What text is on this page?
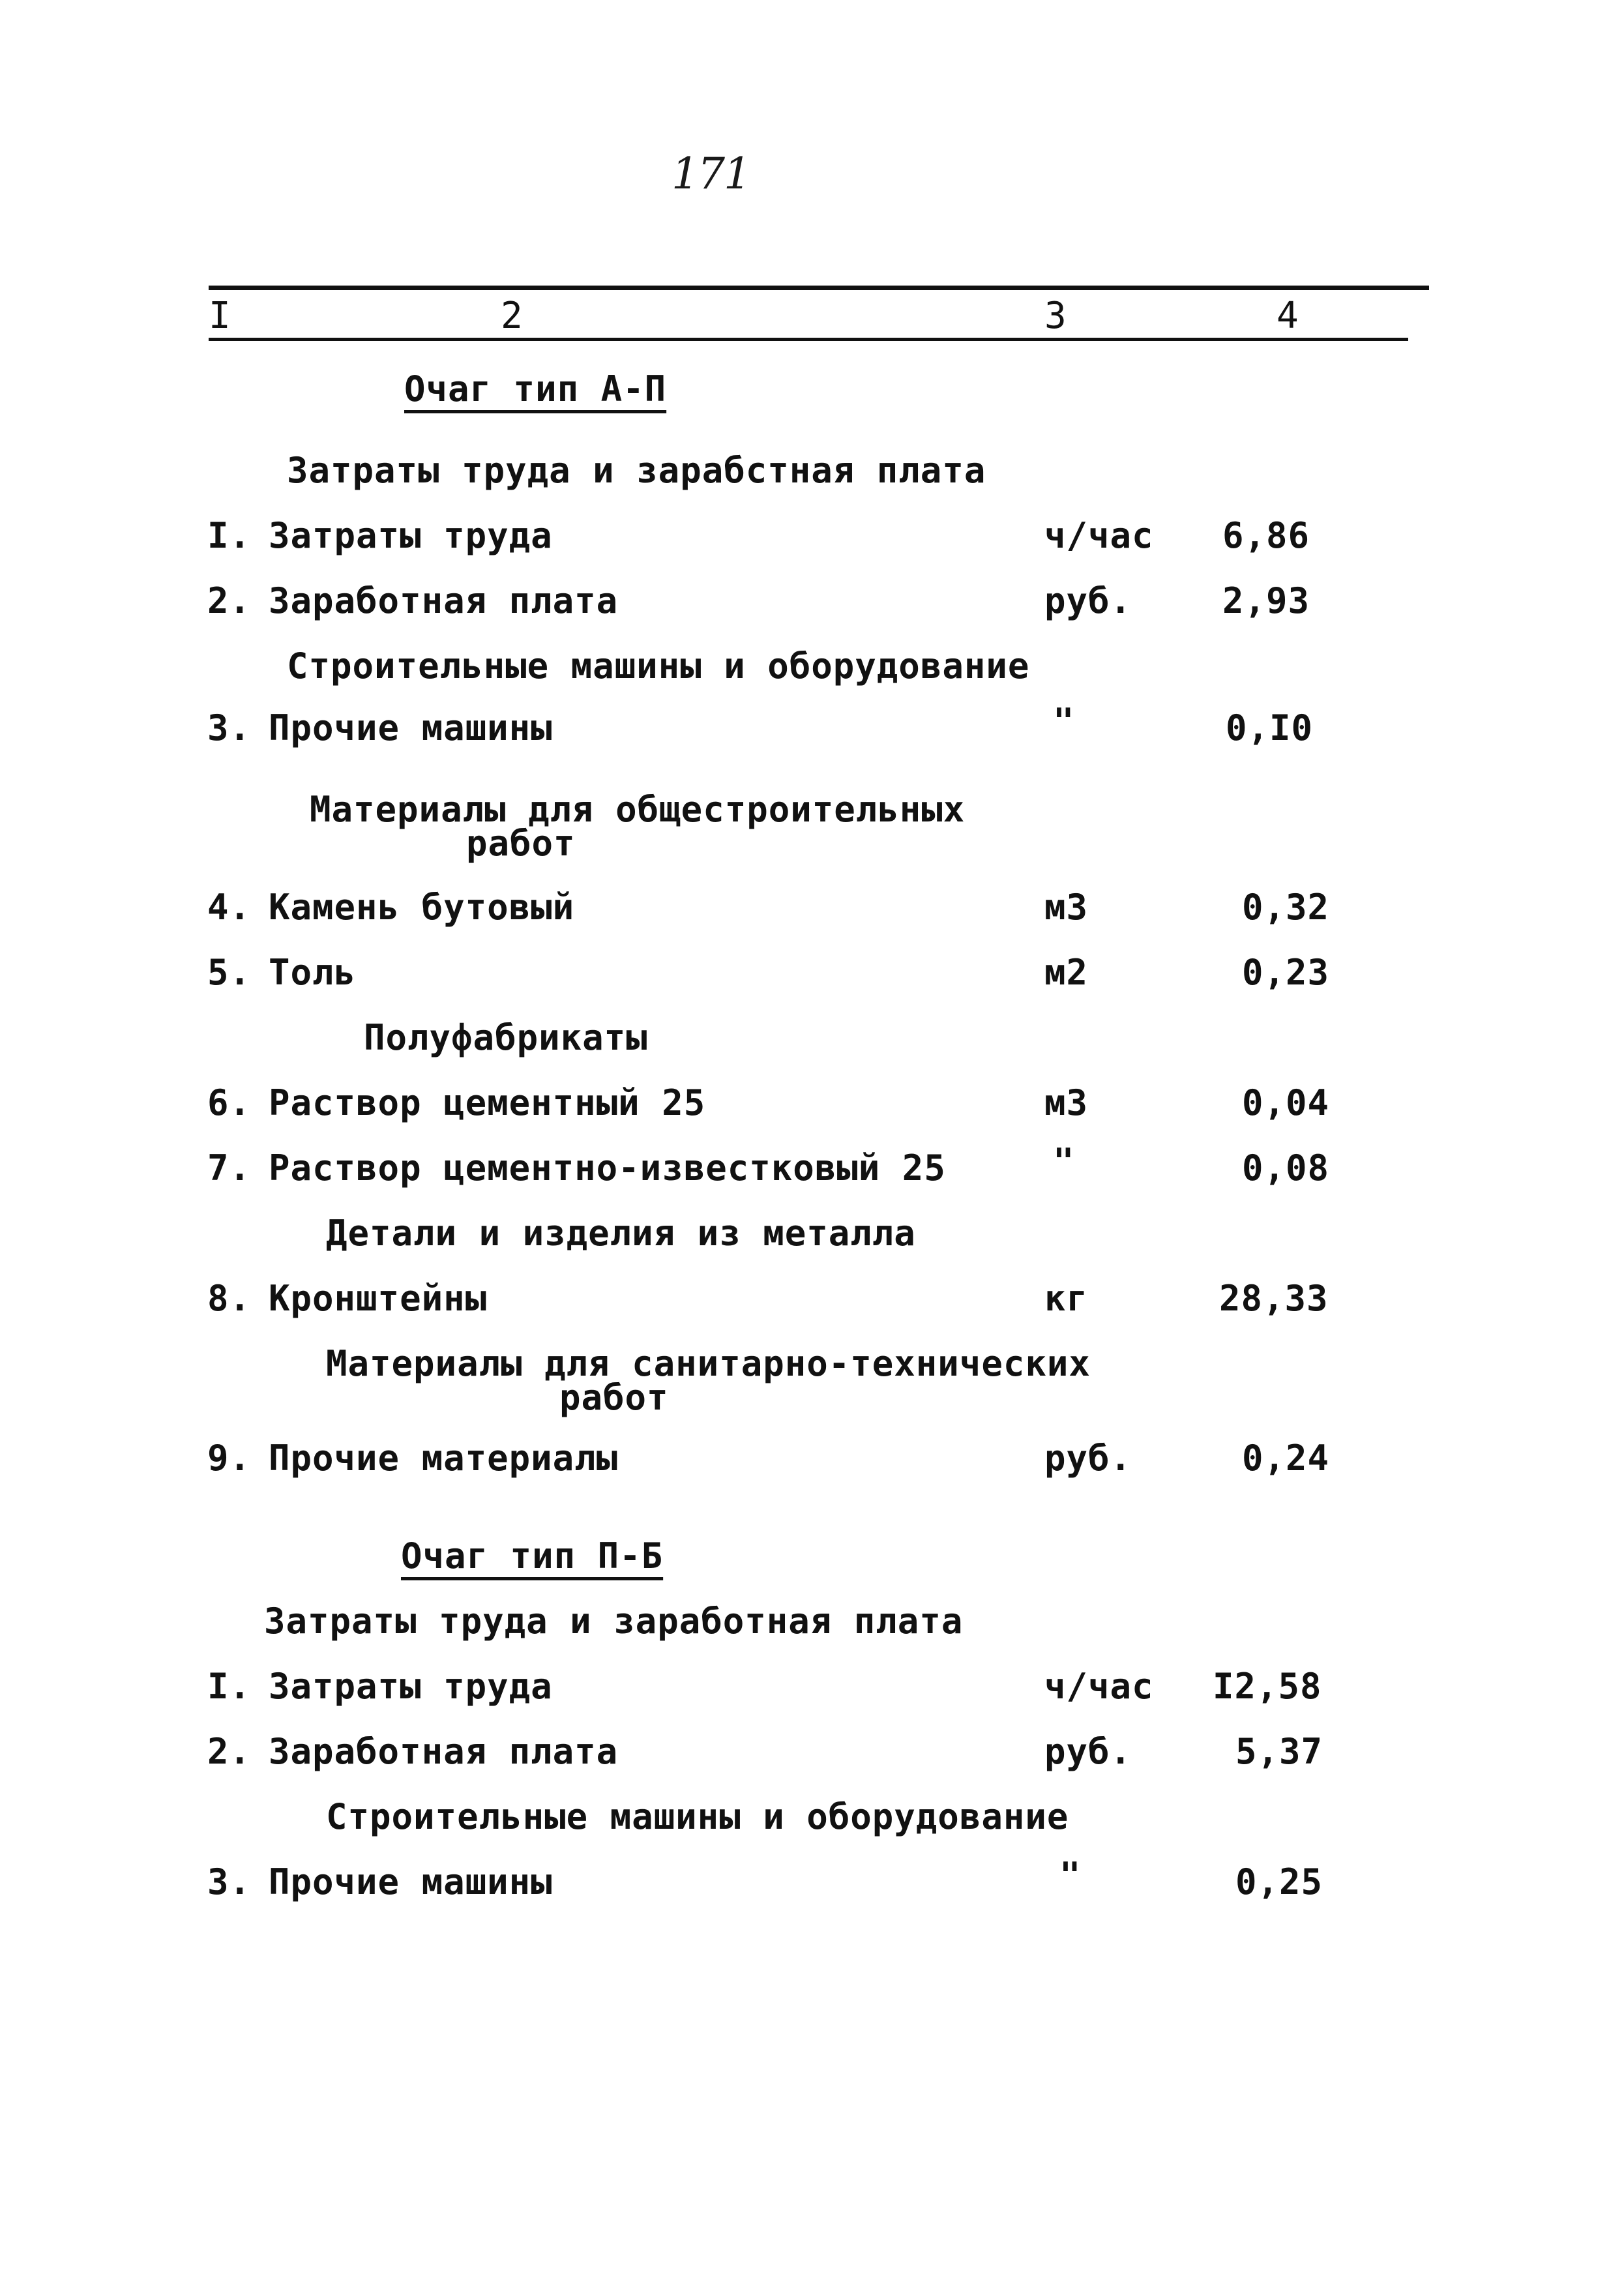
171
I	2	3	4
Очаг тип А-П
Затраты труда и зарабстная плата
I. Затраты труда	ч/час 6,86
2. Заработная плата	руб.	2,93
Строительные машины и оборудование
3. Прочие машины	"	0,I0
Материалы для общестроительных
работ
4. Камень бутовый	м3	0,32
5. Толь	м2	0,23
Полуфабрикаты
6. Раствор цементный 25	м3	0,04
7. Раствор цементно-известковый 25	"	0,08
Детали и изделия из металла
8. Кронштейны	кг	28,33
Материалы для санитарно-технических
работ
9. Прочие материалы	руб.	0,24
Очаг тип П-Б
Затраты труда и заработная плата
I. Затраты труда	ч/час I2,58
2. Заработная плата	руб.	5,37
Строительные машины и оборудование
3. Прочие машины	"	0,25
